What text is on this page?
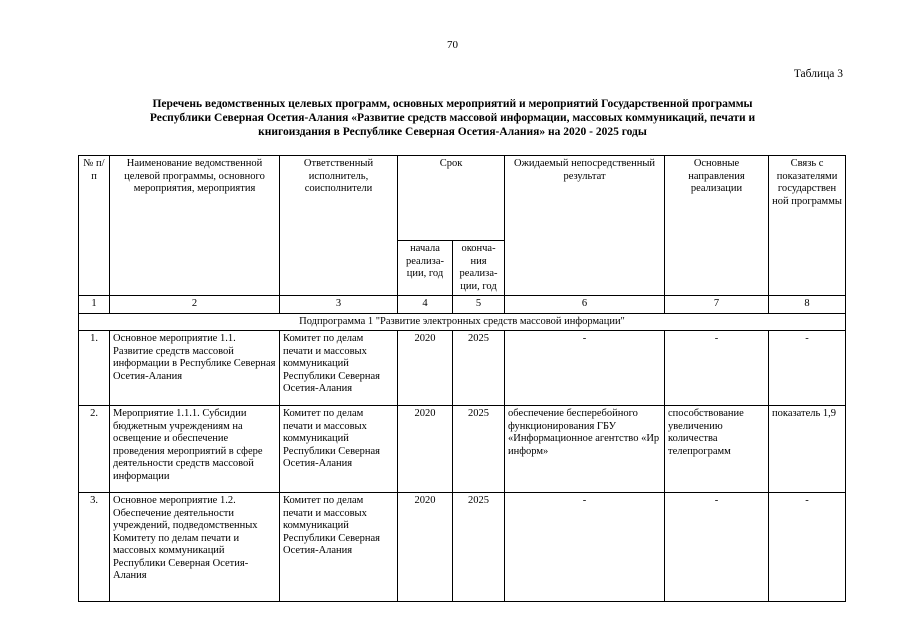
70
Таблица 3
Перечень ведомственных целевых программ, основных мероприятий и мероприятий Государственной программы
Республики Северная Осетия-Алания «Развитие средств массовой информации, массовых коммуникаций, печати и
книгоиздания в Республике Северная Осетия-Алания» на 2020 - 2025 годы
№ п/п	Наименование ведомственной целевой программы, основного мероприятия, мероприятия	Ответственный исполнитель, соисполнители	Срок		Ожидаемый непосредственный результат	Основные направления реализации	Связь с показателями государствен ной программы
			начала реализа-ции, год	оконча-ния реализа-ции, год			
1	2	3	4	5	6	7	8
Подпрограмма 1 "Развитие электронных средств массовой информации"							
1.	Основное мероприятие 1.1. Развитие средств массовой информации в Республике Северная Осетия-Алания	Комитет по делам печати и массовых коммуникаций Республики Северная Осетия-Алания	2020	2025	-	-	-
2.	Мероприятие 1.1.1. Субсидии бюджетным учреждениям на освещение и обеспечение проведения мероприятий в сфере деятельности средств массовой информации	Комитет по делам печати и массовых коммуникаций Республики Северная Осетия-Алания	2020	2025	обеспечение бесперебойного функционирования ГБУ «Информационное агентство «Ир информ»	способствование увеличению количества телепрограмм	показатель 1,9
3.	Основное мероприятие 1.2. Обеспечение деятельности учреждений, подведомственных Комитету по делам печати и массовых коммуникаций Республики Северная Осетия-Алания	Комитет по делам печати и массовых коммуникаций Республики Северная Осетия-Алания	2020	2025	-	-	-
